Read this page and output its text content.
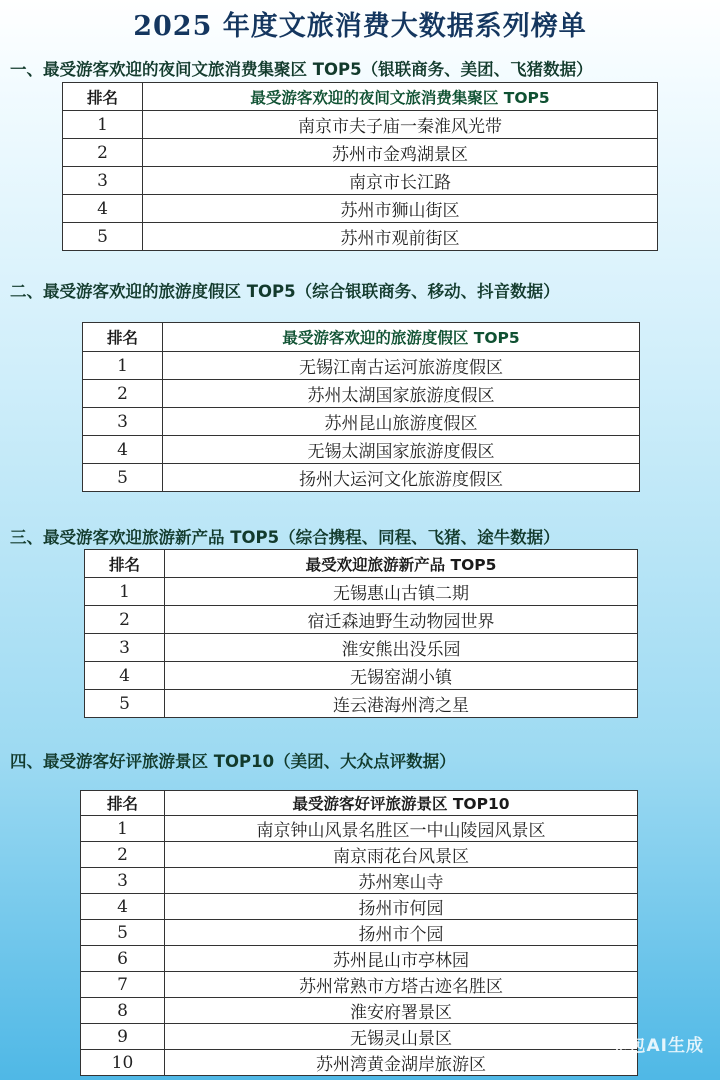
2025 年度文旅消费大数据系列榜单
一、最受游客欢迎的夜间文旅消费集聚区 TOP5（银联商务、美团、飞猪数据）
排名	最受游客欢迎的夜间文旅消费集聚区 TOP5
1	南京市夫子庙一秦淮风光带
2	苏州市金鸡湖景区
3	南京市长江路
4	苏州市狮山街区
5	苏州市观前街区
二、最受游客欢迎的旅游度假区 TOP5（综合银联商务、移动、抖音数据）
排名	最受游客欢迎的旅游度假区 TOP5
1	无锡江南古运河旅游度假区
2	苏州太湖国家旅游度假区
3	苏州昆山旅游度假区
4	无锡太湖国家旅游度假区
5	扬州大运河文化旅游度假区
三、最受游客欢迎旅游新产品 TOP5（综合携程、同程、飞猪、途牛数据）
排名	最受欢迎旅游新产品 TOP5
1	无锡惠山古镇二期
2	宿迁森迪野生动物园世界
3	淮安熊出没乐园
4	无锡窑湖小镇
5	连云港海州湾之星
四、最受游客好评旅游景区 TOP10（美团、大众点评数据）
排名	最受游客好评旅游景区 TOP10
1	南京钟山风景名胜区一中山陵园风景区
2	南京雨花台风景区
3	苏州寒山寺
4	扬州市何园
5	扬州市个园
6	苏州昆山市亭林园
7	苏州常熟市方塔古迹名胜区
8	淮安府署景区
9	无锡灵山景区
10	苏州湾黄金湖岸旅游区
豆包AI生成
